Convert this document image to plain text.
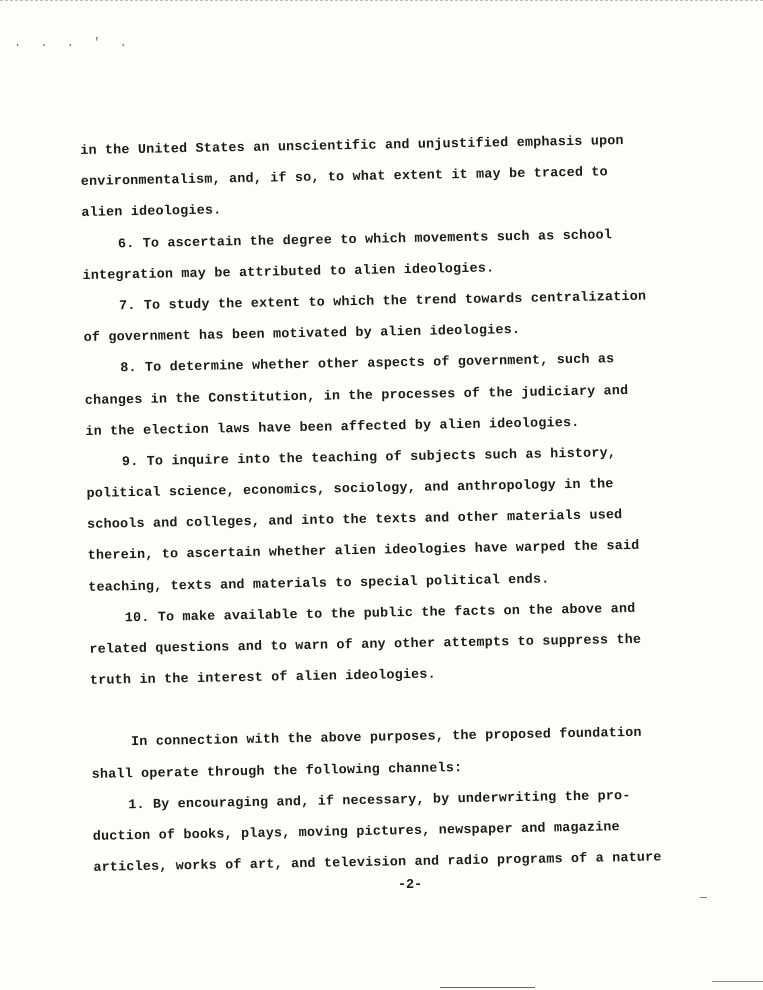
. . . ' .
in the United States an unscientific and unjustified emphasis upon
environmentalism, and, if so, to what extent it may be traced to
alien ideologies.
6. To ascertain the degree to which movements such as school
integration may be attributed to alien ideologies.
7. To study the extent to which the trend towards centralization
of government has been motivated by alien ideologies.
8. To determine whether other aspects of government, such as
changes in the Constitution, in the processes of the judiciary and
in the election laws have been affected by alien ideologies.
9. To inquire into the teaching of subjects such as history,
political science, economics, sociology, and anthropology in the
schools and colleges, and into the texts and other materials used
therein, to ascertain whether alien ideologies have warped the said
teaching, texts and materials to special political ends.
10. To make available to the public the facts on the above and
related questions and to warn of any other attempts to suppress the
truth in the interest of alien ideologies.
In connection with the above purposes, the proposed foundation
shall operate through the following channels:
1. By encouraging and, if necessary, by underwriting the pro-
duction of books, plays, moving pictures, newspaper and magazine
articles, works of art, and television and radio programs of a nature
-2-
